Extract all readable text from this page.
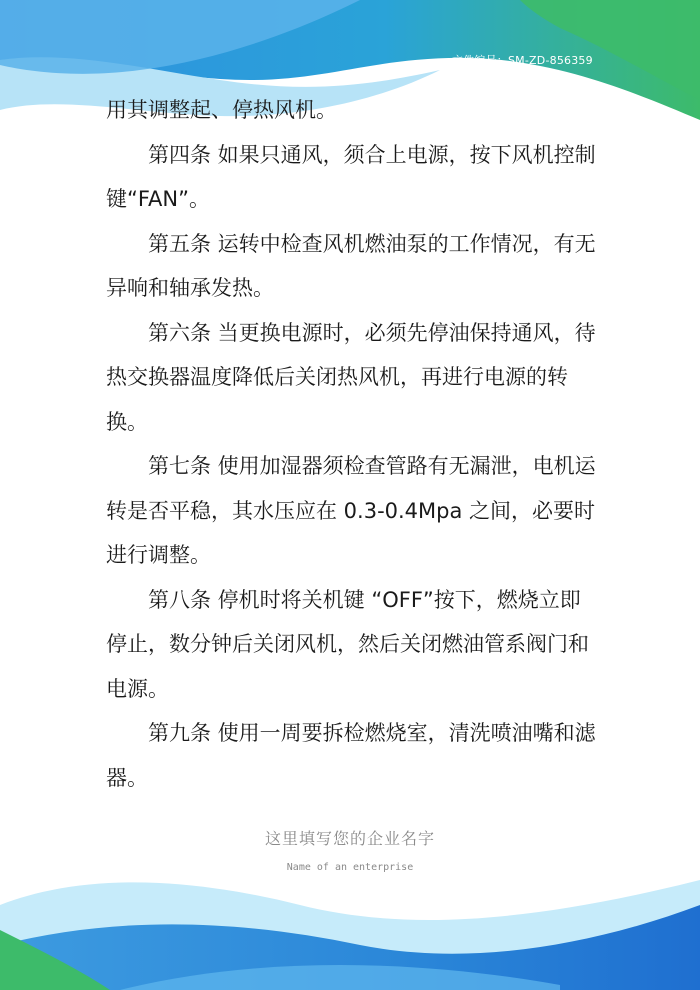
文件编号：SM-ZD-856359

用其调整起、停热风机。

第四条 如果只通风，须合上电源，按下风机控制键“FAN”。

第五条 运转中检查风机燃油泵的工作情况，有无异响和轴承发热。

第六条 当更换电源时，必须先停油保持通风，待热交换器温度降低后关闭热风机，再进行电源的转换。

第七条 使用加湿器须检查管路有无漏泄，电机运转是否平稳，其水压应在 0.3-0.4Mpa 之间，必要时进行调整。

第八条 停机时将关机键 “OFF”按下，燃烧立即停止，数分钟后关闭风机，然后关闭燃油管系阀门和电源。

第九条 使用一周要拆检燃烧室，清洗喷油嘴和滤器。

这里填写您的企业名字
Name of an enterprise
